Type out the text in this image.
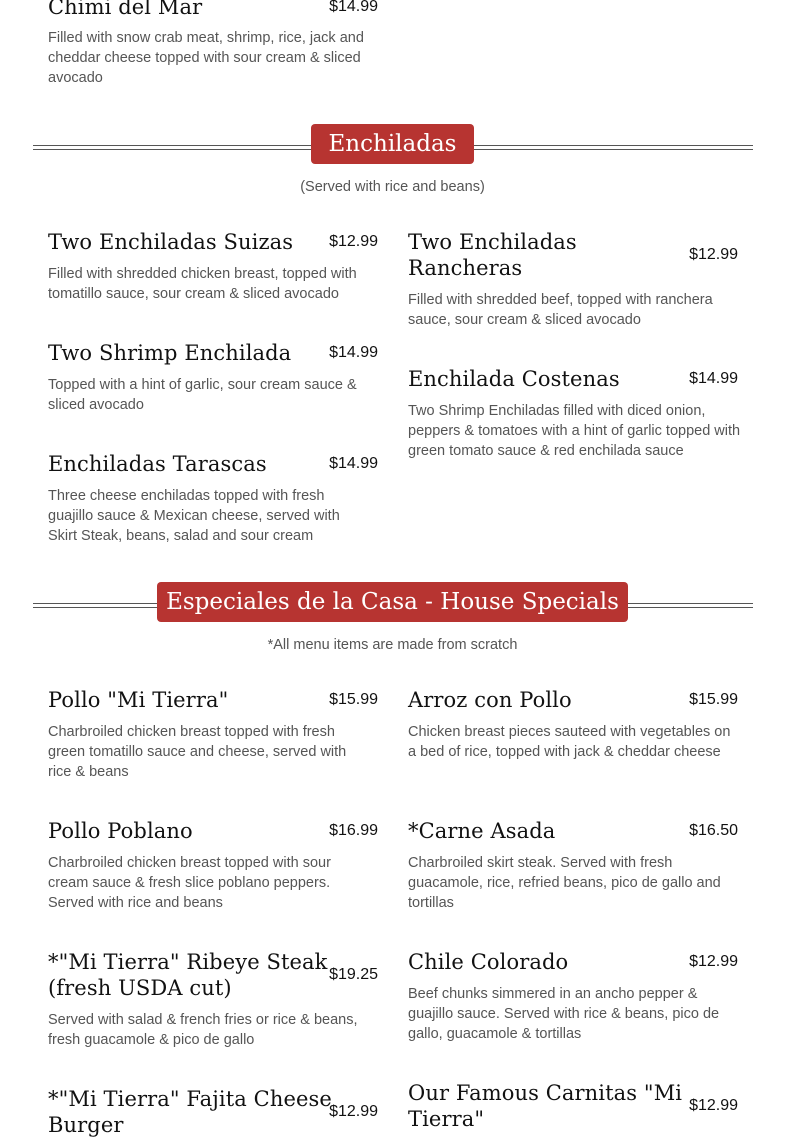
Chimi del Mar	$14.99
Filled with snow crab meat, shrimp, rice, jack and cheddar cheese topped with sour cream & sliced avocado
Enchiladas
(Served with rice and beans)
Two Enchiladas Suizas	$12.99
Filled with shredded chicken breast, topped with tomatillo sauce, sour cream & sliced avocado
Two Enchiladas Rancheras
$12.99
Filled with shredded beef, topped with ranchera sauce, sour cream & sliced avocado
Two Shrimp Enchilada	$14.99
Topped with a hint of garlic, sour cream sauce & sliced avocado
Enchilada Costenas	$14.99
Two Shrimp Enchiladas filled with diced onion, peppers & tomatoes with a hint of garlic topped with green tomato sauce & red enchilada sauce
Enchiladas Tarascas	$14.99
Three cheese enchiladas topped with fresh guajillo sauce & Mexican cheese, served with Skirt Steak, beans, salad and sour cream
Especiales de la Casa - House Specials
*All menu items are made from scratch
Pollo "Mi Tierra"	$15.99
Charbroiled chicken breast topped with fresh green tomatillo sauce and cheese, served with rice & beans
Arroz con Pollo	$15.99
Chicken breast pieces sauteed with vegetables on a bed of rice, topped with jack & cheddar cheese
Pollo Poblano	$16.99
Charbroiled chicken breast topped with sour cream sauce & fresh slice poblano peppers. Served with rice and beans
*Carne Asada	$16.50
Charbroiled skirt steak. Served with fresh guacamole, rice, refried beans, pico de gallo and tortillas
*"Mi Tierra" Ribeye Steak (fresh USDA cut)
$19.25
Served with salad & french fries or rice & beans, fresh guacamole & pico de gallo
Chile Colorado	$12.99
Beef chunks simmered in an ancho pepper & guajillo sauce. Served with rice & beans, pico de gallo, guacamole & tortillas
*"Mi Tierra" Fajita Cheese Burger
$12.99
Our Famous Carnitas "Mi Tierra"
$12.99
